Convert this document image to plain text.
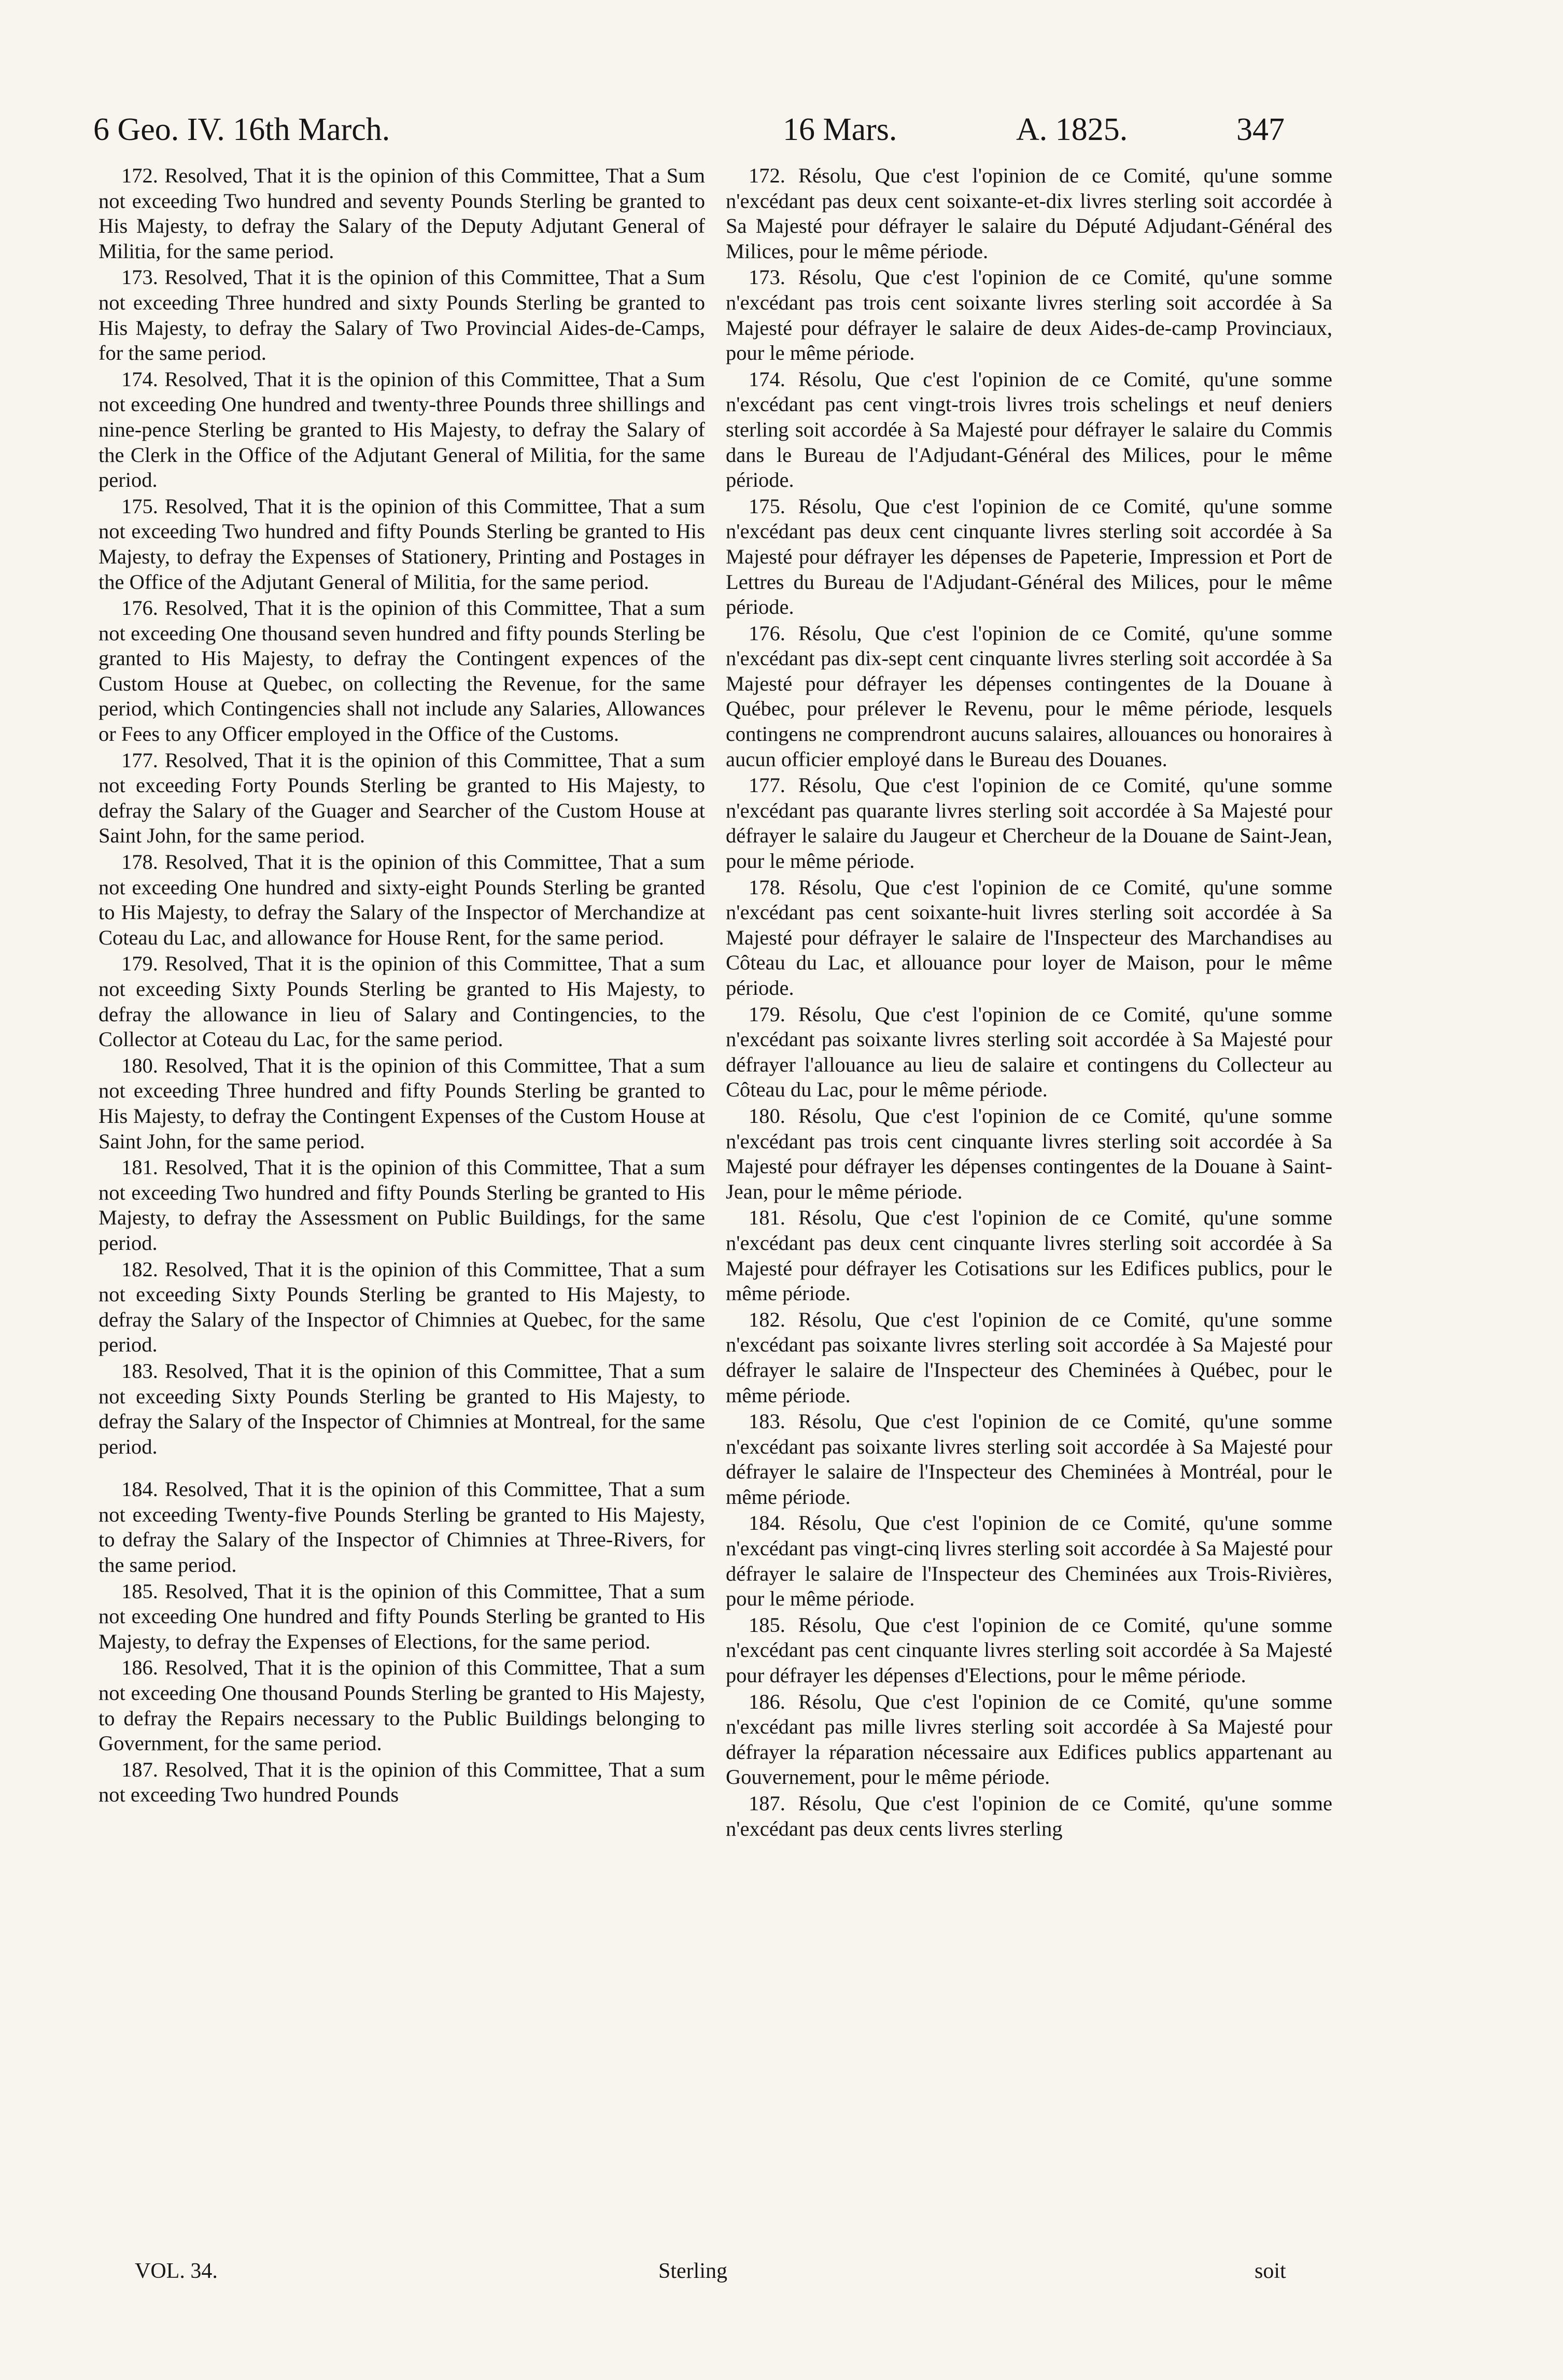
6 Geo. IV. 16th March.	16 Mars.	A. 1825.	347

172. Resolved, That it is the opinion of this Committee, That a Sum not exceeding Two hundred and seventy Pounds Sterling be granted to His Majesty, to defray the Salary of the Deputy Adjutant General of Militia, for the same period.

173. Resolved, That it is the opinion of this Committee, That a Sum not exceeding Three hundred and sixty Pounds Sterling be granted to His Majesty, to defray the Salary of Two Provincial Aides-de-Camps, for the same period.

174. Resolved, That it is the opinion of this Committee, That a Sum not exceeding One hundred and twenty-three Pounds three shillings and nine-pence Sterling be granted to His Majesty, to defray the Salary of the Clerk in the Office of the Adjutant General of Militia, for the same period.

175. Resolved, That it is the opinion of this Committee, That a sum not exceeding Two hundred and fifty Pounds Sterling be granted to His Majesty, to defray the Expenses of Stationery, Printing and Postages in the Office of the Adjutant General of Militia, for the same period.

176. Resolved, That it is the opinion of this Committee, That a sum not exceeding One thousand seven hundred and fifty pounds Sterling be granted to His Majesty, to defray the Contingent expences of the Custom House at Quebec, on collecting the Revenue, for the same period, which Contingencies shall not include any Salaries, Allowances or Fees to any Officer employed in the Office of the Customs.

177. Resolved, That it is the opinion of this Committee, That a sum not exceeding Forty Pounds Sterling be granted to His Majesty, to defray the Salary of the Guager and Searcher of the Custom House at Saint John, for the same period.

178. Resolved, That it is the opinion of this Committee, That a sum not exceeding One hundred and sixty-eight Pounds Sterling be granted to His Majesty, to defray the Salary of the Inspector of Merchandize at Coteau du Lac, and allowance for House Rent, for the same period.

179. Resolved, That it is the opinion of this Committee, That a sum not exceeding Sixty Pounds Sterling be granted to His Majesty, to defray the allowance in lieu of Salary and Contingencies, to the Collector at Coteau du Lac, for the same period.

180. Resolved, That it is the opinion of this Committee, That a sum not exceeding Three hundred and fifty Pounds Sterling be granted to His Majesty, to defray the Contingent Expenses of the Custom House at Saint John, for the same period.

181. Resolved, That it is the opinion of this Committee, That a sum not exceeding Two hundred and fifty Pounds Sterling be granted to His Majesty, to defray the Assessment on Public Buildings, for the same period.

182. Resolved, That it is the opinion of this Committee, That a sum not exceeding Sixty Pounds Sterling be granted to His Majesty, to defray the Salary of the Inspector of Chimnies at Quebec, for the same period.

183. Resolved, That it is the opinion of this Committee, That a sum not exceeding Sixty Pounds Sterling be granted to His Majesty, to defray the Salary of the Inspector of Chimnies at Montreal, for the same period.

184. Resolved, That it is the opinion of this Committee, That a sum not exceeding Twenty-five Pounds Sterling be granted to His Majesty, to defray the Salary of the Inspector of Chimnies at Three-Rivers, for the same period.

185. Resolved, That it is the opinion of this Committee, That a sum not exceeding One hundred and fifty Pounds Sterling be granted to His Majesty, to defray the Expenses of Elections, for the same period.

186. Resolved, That it is the opinion of this Committee, That a sum not exceeding One thousand Pounds Sterling be granted to His Majesty, to defray the Repairs necessary to the Public Buildings belonging to Government, for the same period.

187. Resolved, That it is the opinion of this Committee, That a sum not exceeding Two hundred Pounds

172. Résolu, Que c'est l'opinion de ce Comité, qu'une somme n'excédant pas deux cent soixante-et-dix livres sterling soit accordée à Sa Majesté pour défrayer le salaire du Député Adjudant-Général des Milices, pour le même période.

173. Résolu, Que c'est l'opinion de ce Comité, qu'une somme n'excédant pas trois cent soixante livres sterling soit accordée à Sa Majesté pour défrayer le salaire de deux Aides-de-camp Provinciaux, pour le même période.

174. Résolu, Que c'est l'opinion de ce Comité, qu'une somme n'excédant pas cent vingt-trois livres trois schelings et neuf deniers sterling soit accordée à Sa Majesté pour défrayer le salaire du Commis dans le Bureau de l'Adjudant-Général des Milices, pour le même période.

175. Résolu, Que c'est l'opinion de ce Comité, qu'une somme n'excédant pas deux cent cinquante livres sterling soit accordée à Sa Majesté pour défrayer les dépenses de Papeterie, Impression et Port de Lettres du Bureau de l'Adjudant-Général des Milices, pour le même période.

176. Résolu, Que c'est l'opinion de ce Comité, qu'une somme n'excédant pas dix-sept cent cinquante livres sterling soit accordée à Sa Majesté pour défrayer les dépenses contingentes de la Douane à Québec, pour prélever le Revenu, pour le même période, lesquels contingens ne comprendront aucuns salaires, allouances ou honoraires à aucun officier employé dans le Bureau des Douanes.

177. Résolu, Que c'est l'opinion de ce Comité, qu'une somme n'excédant pas quarante livres sterling soit accordée à Sa Majesté pour défrayer le salaire du Jaugeur et Chercheur de la Douane de Saint-Jean, pour le même période.

178. Résolu, Que c'est l'opinion de ce Comité, qu'une somme n'excédant pas cent soixante-huit livres sterling soit accordée à Sa Majesté pour défrayer le salaire de l'Inspecteur des Marchandises au Côteau du Lac, et allouance pour loyer de Maison, pour le même période.

179. Résolu, Que c'est l'opinion de ce Comité, qu'une somme n'excédant pas soixante livres sterling soit accordée à Sa Majesté pour défrayer l'allouance au lieu de salaire et contingens du Collecteur au Côteau du Lac, pour le même période.

180. Résolu, Que c'est l'opinion de ce Comité, qu'une somme n'excédant pas trois cent cinquante livres sterling soit accordée à Sa Majesté pour défrayer les dépenses contingentes de la Douane à Saint-Jean, pour le même période.

181. Résolu, Que c'est l'opinion de ce Comité, qu'une somme n'excédant pas deux cent cinquante livres sterling soit accordée à Sa Majesté pour défrayer les Cotisations sur les Edifices publics, pour le même période.

182. Résolu, Que c'est l'opinion de ce Comité, qu'une somme n'excédant pas soixante livres sterling soit accordée à Sa Majesté pour défrayer le salaire de l'Inspecteur des Cheminées à Québec, pour le même période.

183. Résolu, Que c'est l'opinion de ce Comité, qu'une somme n'excédant pas soixante livres sterling soit accordée à Sa Majesté pour défrayer le salaire de l'Inspecteur des Cheminées à Montréal, pour le même période.

184. Résolu, Que c'est l'opinion de ce Comité, qu'une somme n'excédant pas vingt-cinq livres sterling soit accordée à Sa Majesté pour défrayer le salaire de l'Inspecteur des Cheminées aux Trois-Rivières, pour le même période.

185. Résolu, Que c'est l'opinion de ce Comité, qu'une somme n'excédant pas cent cinquante livres sterling soit accordée à Sa Majesté pour défrayer les dépenses d'Elections, pour le même période.

186. Résolu, Que c'est l'opinion de ce Comité, qu'une somme n'excédant pas mille livres sterling soit accordée à Sa Majesté pour défrayer la réparation nécessaire aux Edifices publics appartenant au Gouvernement, pour le même période.

187. Résolu, Que c'est l'opinion de ce Comité, qu'une somme n'excédant pas deux cents livres sterling

VOL. 34.	Sterling	soit
